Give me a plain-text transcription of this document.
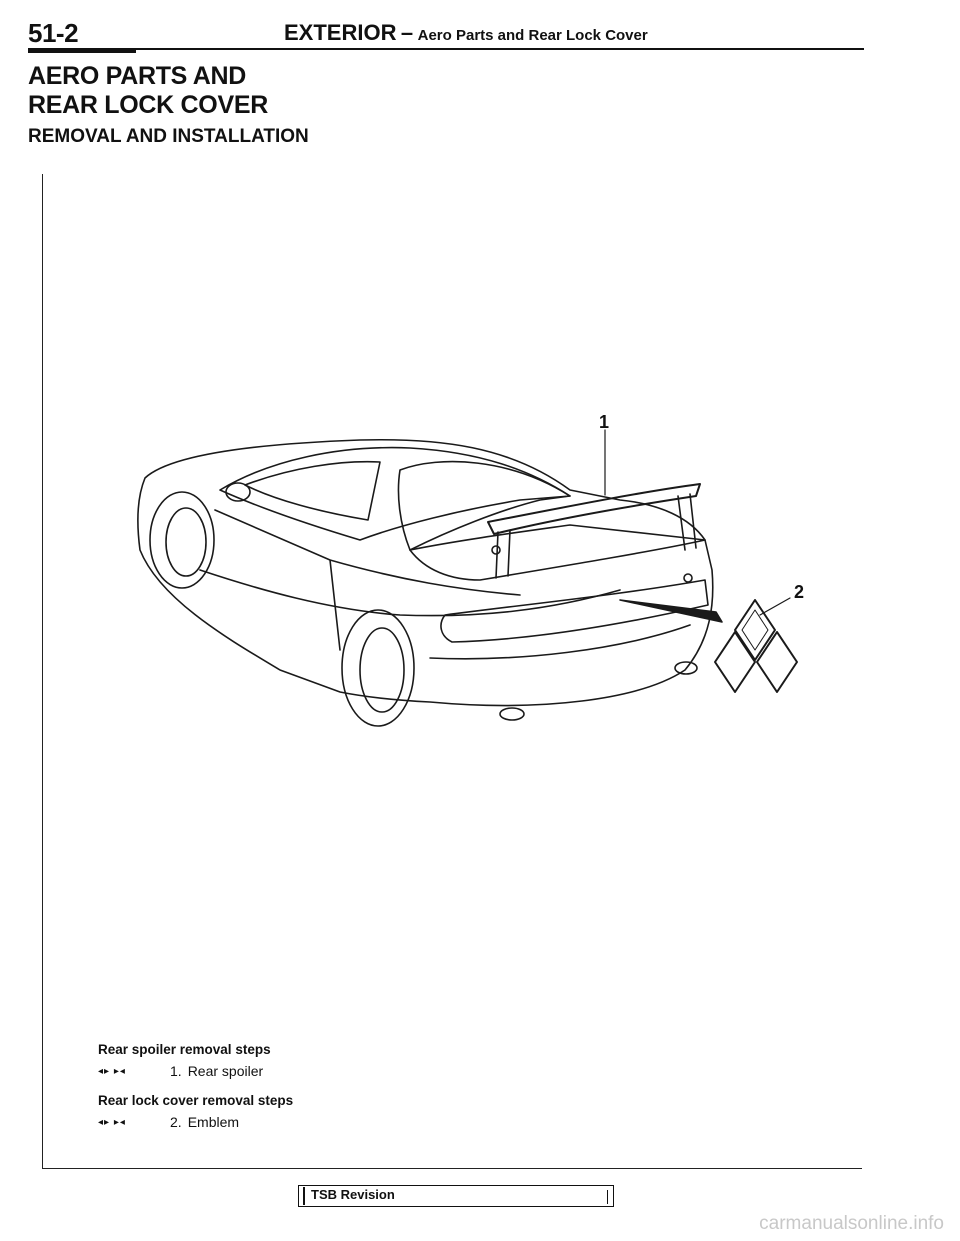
51-2	EXTERIOR – Aero Parts and Rear Lock Cover

AERO PARTS AND

REAR LOCK COVER

REMOVAL AND INSTALLATION

1
2

Rear spoiler removal steps

◂▸ ▸◂	1. Rear spoiler

Rear lock cover removal steps

◂▸ ▸◂	2. Emblem
TSB Revision
carmanualsonline.info
